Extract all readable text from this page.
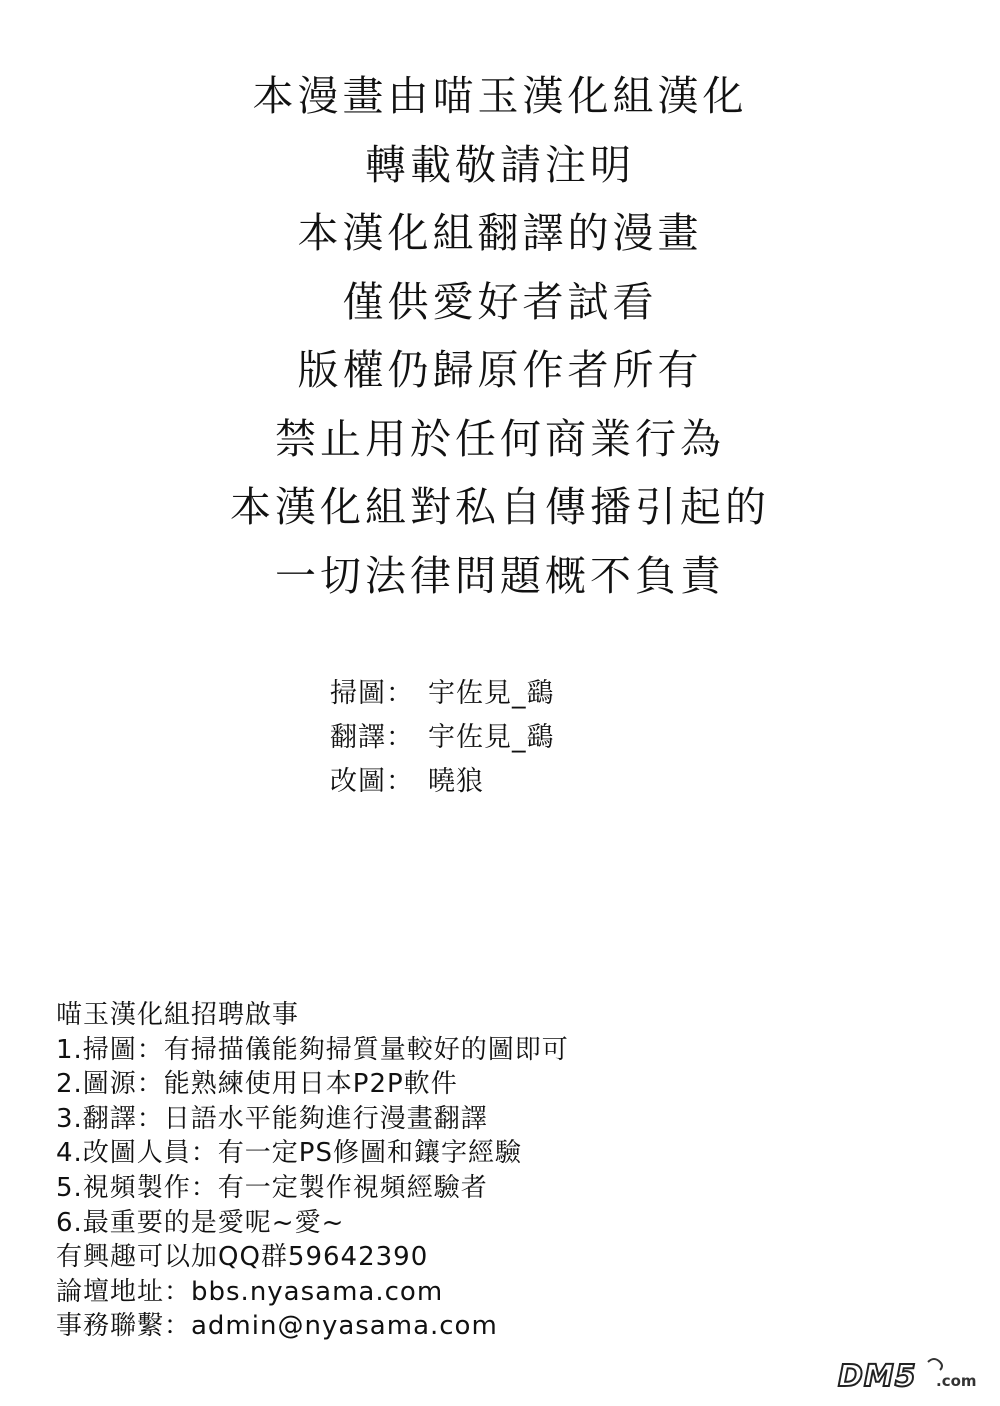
本漫畫由喵玉漢化組漢化
轉載敬請注明
本漢化組翻譯的漫畫
僅供愛好者試看
版權仍歸原作者所有
禁止用於任何商業行為
本漢化組對私自傳播引起的
一切法律問題概不負責
掃圖： 宇佐見_鷂
翻譯： 宇佐見_鷂
改圖： 曉狼
喵玉漢化組招聘啟事
1.掃圖：有掃描儀能夠掃質量較好的圖即可
2.圖源：能熟練使用日本P2P軟件
3.翻譯：日語水平能夠進行漫畫翻譯
4.改圖人員：有一定PS修圖和鑲字經驗
5.視頻製作：有一定製作視頻經驗者
6.最重要的是愛呢~愛~
有興趣可以加QQ群59642390
論壇地址：bbs.nyasama.com
事務聯繫：admin@nyasama.com
DM5 .com
